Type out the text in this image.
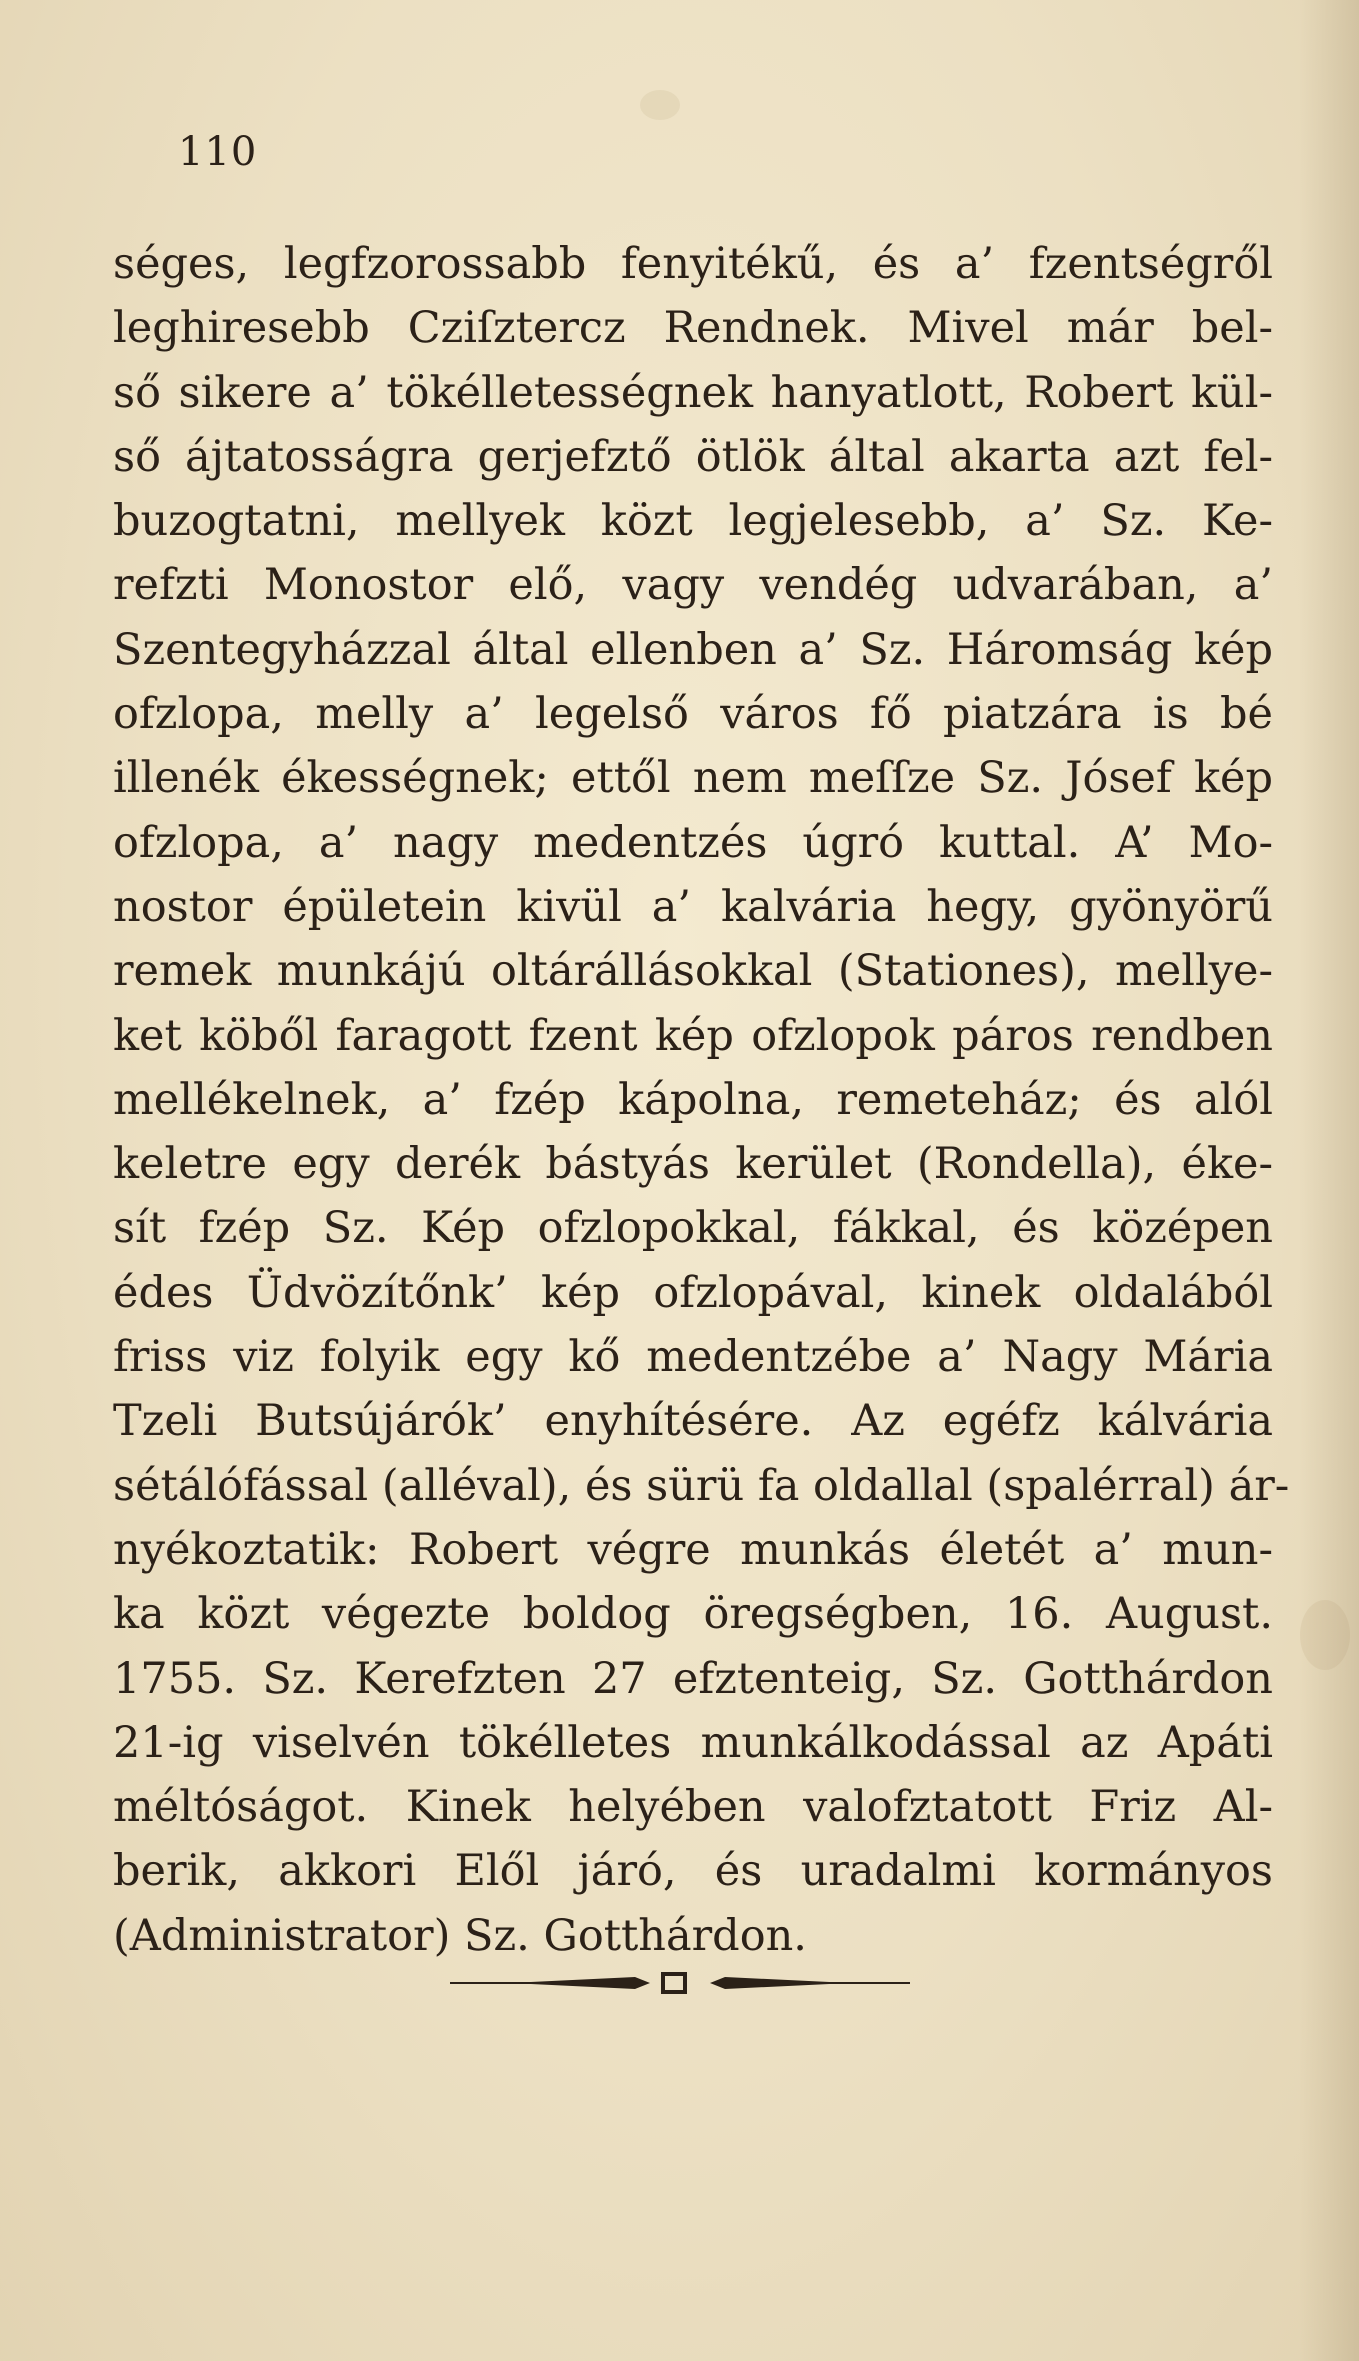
110
séges, legfzorossabb fenyitékű, és a’ fzentségről
leghiresebb Cziſztercz Rendnek. Mivel már bel-
ső sikere a’ tökélletességnek hanyatlott, Robert kül-
ső ájtatosságra gerjefztő ötlök által akarta azt fel-
buzogtatni, mellyek közt legjelesebb, a’ Sz. Ke-
refzti Monostor elő, vagy vendég udvarában, a’
Szentegyházzal által ellenben a’ Sz. Háromság kép
ofzlopa, melly a’ legelső város fő piatzára is bé
illenék ékességnek; ettől nem meſſze Sz. Jósef kép
ofzlopa, a’ nagy medentzés úgró kuttal. A’ Mo-
nostor épületein kivül a’ kalvária hegy, gyönyörű
remek munkájú oltárállásokkal (Stationes), mellye-
ket köből faragott fzent kép ofzlopok páros rendben
mellékelnek, a’ fzép kápolna, remeteház; és alól
keletre egy derék bástyás kerület (Rondella), éke-
sít fzép Sz. Kép ofzlopokkal, fákkal, és középen
édes Üdvözítőnk’ kép ofzlopával, kinek oldalából
friss viz folyik egy kő medentzébe a’ Nagy Mária
Tzeli Butsújárók’ enyhítésére. Az egéfz kálvária
sétálófással (alléval), és sürü fa oldallal (spalérral) ár-
nyékoztatik: Robert végre munkás életét a’ mun-
ka közt végezte boldog öregségben, 16. August.
1755. Sz. Kerefzten 27 efztenteig, Sz. Gotthárdon
21-ig viselvén tökélletes munkálkodással az Apáti
méltóságot. Kinek helyében valofztatott Friz Al-
berik, akkori Elől járó, és uradalmi kormányos
(Administrator) Sz. Gotthárdon.
